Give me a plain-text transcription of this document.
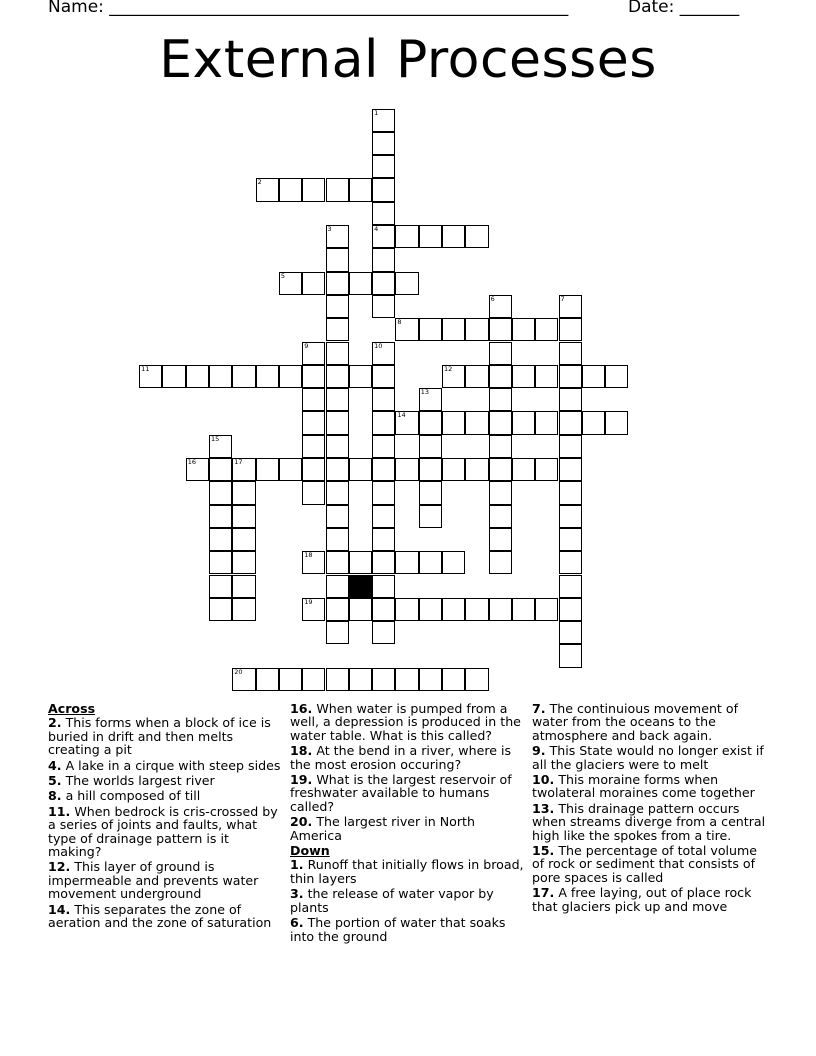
Name: ______________________________________________________	Date: _______
External Processes
1
4
2
3
5
6	7
8
9	10
11	12
13
14
15
16	17
18
19
20
Across
2. This forms when a block of ice is buried in drift and then melts creating a pit
4. A lake in a cirque with steep sides
5. The worlds largest river
8. a hill composed of till
11. When bedrock is cris-crossed by a series of joints and faults, what type of drainage pattern is it making?
12. This layer of ground is impermeable and prevents water movement underground
14. This separates the zone of aeration and the zone of saturation
16. When water is pumped from a well, a depression is produced in the water table. What is this called?
18. At the bend in a river, where is the most erosion occuring?
19. What is the largest reservoir of freshwater available to humans called?
20. The largest river in North America
Down
1. Runoff that initially flows in broad, thin layers
3. the release of water vapor by plants
6. The portion of water that soaks into the ground
7. The continuious movement of water from the oceans to the atmosphere and back again.
9. This State would no longer exist if all the glaciers were to melt
10. This moraine forms when twolateral moraines come together
13. This drainage pattern occurs when streams diverge from a central high like the spokes from a tire.
15. The percentage of total volume of rock or sediment that consists of pore spaces is called
17. A free laying, out of place rock that glaciers pick up and move
